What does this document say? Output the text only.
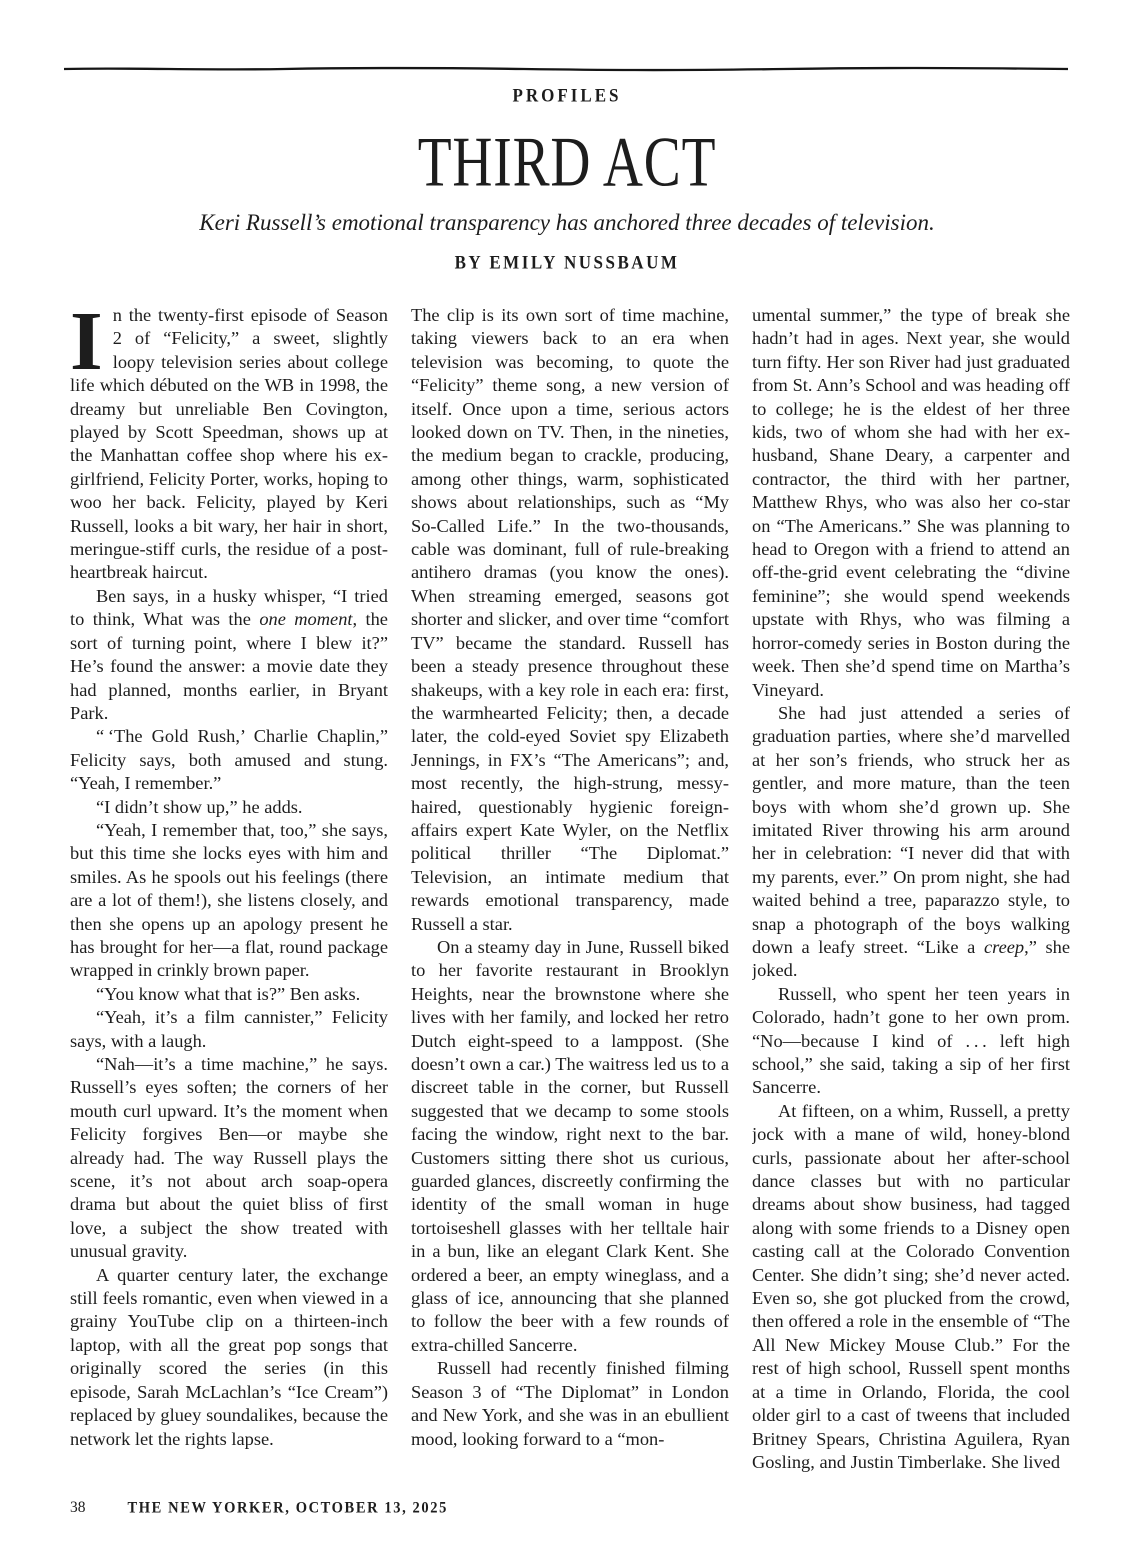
PROFILES
THIRD ACT
Keri Russell’s emotional transparency has anchored three decades of television.
BY EMILY NUSSBAUM

In the twenty-first episode of Season 2 of “Felicity,” a sweet, slightly loopy television series about college life which débuted on the WB in 1998, the dreamy but unreliable Ben Covington, played by Scott Speedman, shows up at the Manhattan coffee shop where his ex-girlfriend, Felicity Porter, works, hoping to woo her back. Felicity, played by Keri Russell, looks a bit wary, her hair in short, meringue-stiff curls, the residue of a post-heartbreak haircut.

Ben says, in a husky whisper, “I tried to think, What was the one moment, the sort of turning point, where I blew it?” He’s found the answer: a movie date they had planned, months earlier, in Bryant Park.

“ ‘The Gold Rush,’ Charlie Chaplin,” Felicity says, both amused and stung. “Yeah, I remember.”

“I didn’t show up,” he adds.

“Yeah, I remember that, too,” she says, but this time she locks eyes with him and smiles. As he spools out his feelings (there are a lot of them!), she listens closely, and then she opens up an apology present he has brought for her—a flat, round package wrapped in crinkly brown paper.

“You know what that is?” Ben asks.

“Yeah, it’s a film cannister,” Felicity says, with a laugh.

“Nah—it’s a time machine,” he says. Russell’s eyes soften; the corners of her mouth curl upward. It’s the moment when Felicity forgives Ben—or maybe she already had. The way Russell plays the scene, it’s not about arch soap-opera drama but about the quiet bliss of first love, a subject the show treated with unusual gravity.

A quarter century later, the exchange still feels romantic, even when viewed in a grainy YouTube clip on a thirteen-inch laptop, with all the great pop songs that originally scored the series (in this episode, Sarah McLachlan’s “Ice Cream”) replaced by gluey soundalikes, because the network let the rights lapse.

The clip is its own sort of time machine, taking viewers back to an era when television was becoming, to quote the “Felicity” theme song, a new version of itself. Once upon a time, serious actors looked down on TV. Then, in the nineties, the medium began to crackle, producing, among other things, warm, sophisticated shows about relationships, such as “My So-Called Life.” In the two-thousands, cable was dominant, full of rule-breaking antihero dramas (you know the ones). When streaming emerged, seasons got shorter and slicker, and over time “comfort TV” became the standard. Russell has been a steady presence throughout these shakeups, with a key role in each era: first, the warmhearted Felicity; then, a decade later, the cold-eyed Soviet spy Elizabeth Jennings, in FX’s “The Americans”; and, most recently, the high-strung, messy-haired, questionably hygienic foreign-affairs expert Kate Wyler, on the Netflix political thriller “The Diplomat.” Television, an intimate medium that rewards emotional transparency, made Russell a star.

On a steamy day in June, Russell biked to her favorite restaurant in Brooklyn Heights, near the brownstone where she lives with her family, and locked her retro Dutch eight-speed to a lamppost. (She doesn’t own a car.) The waitress led us to a discreet table in the corner, but Russell suggested that we decamp to some stools facing the window, right next to the bar. Customers sitting there shot us curious, guarded glances, discreetly confirming the identity of the small woman in huge tortoiseshell glasses with her telltale hair in a bun, like an elegant Clark Kent. She ordered a beer, an empty wineglass, and a glass of ice, announcing that she planned to follow the beer with a few rounds of extra-chilled Sancerre.

Russell had recently finished filming Season 3 of “The Diplomat” in London and New York, and she was in an ebullient mood, looking forward to a “mon-

umental summer,” the type of break she hadn’t had in ages. Next year, she would turn fifty. Her son River had just graduated from St. Ann’s School and was heading off to college; he is the eldest of her three kids, two of whom she had with her ex-husband, Shane Deary, a carpenter and contractor, the third with her partner, Matthew Rhys, who was also her co-star on “The Americans.” She was planning to head to Oregon with a friend to attend an off-the-grid event celebrating the “divine feminine”; she would spend weekends upstate with Rhys, who was filming a horror-comedy series in Boston during the week. Then she’d spend time on Martha’s Vineyard.

She had just attended a series of graduation parties, where she’d marvelled at her son’s friends, who struck her as gentler, and more mature, than the teen boys with whom she’d grown up. She imitated River throwing his arm around her in celebration: “I never did that with my parents, ever.” On prom night, she had waited behind a tree, paparazzo style, to snap a photograph of the boys walking down a leafy street. “Like a creep,” she joked.

Russell, who spent her teen years in Colorado, hadn’t gone to her own prom. “No—because I kind of . . . left high school,” she said, taking a sip of her first Sancerre.

At fifteen, on a whim, Russell, a pretty jock with a mane of wild, honey-blond curls, passionate about her after-school dance classes but with no particular dreams about show business, had tagged along with some friends to a Disney open casting call at the Colorado Convention Center. She didn’t sing; she’d never acted. Even so, she got plucked from the crowd, then offered a role in the ensemble of “The All New Mickey Mouse Club.” For the rest of high school, Russell spent months at a time in Orlando, Florida, the cool older girl to a cast of tweens that included Britney Spears, Christina Aguilera, Ryan Gosling, and Justin Timberlake. She lived

38	THE NEW YORKER, OCTOBER 13, 2025
